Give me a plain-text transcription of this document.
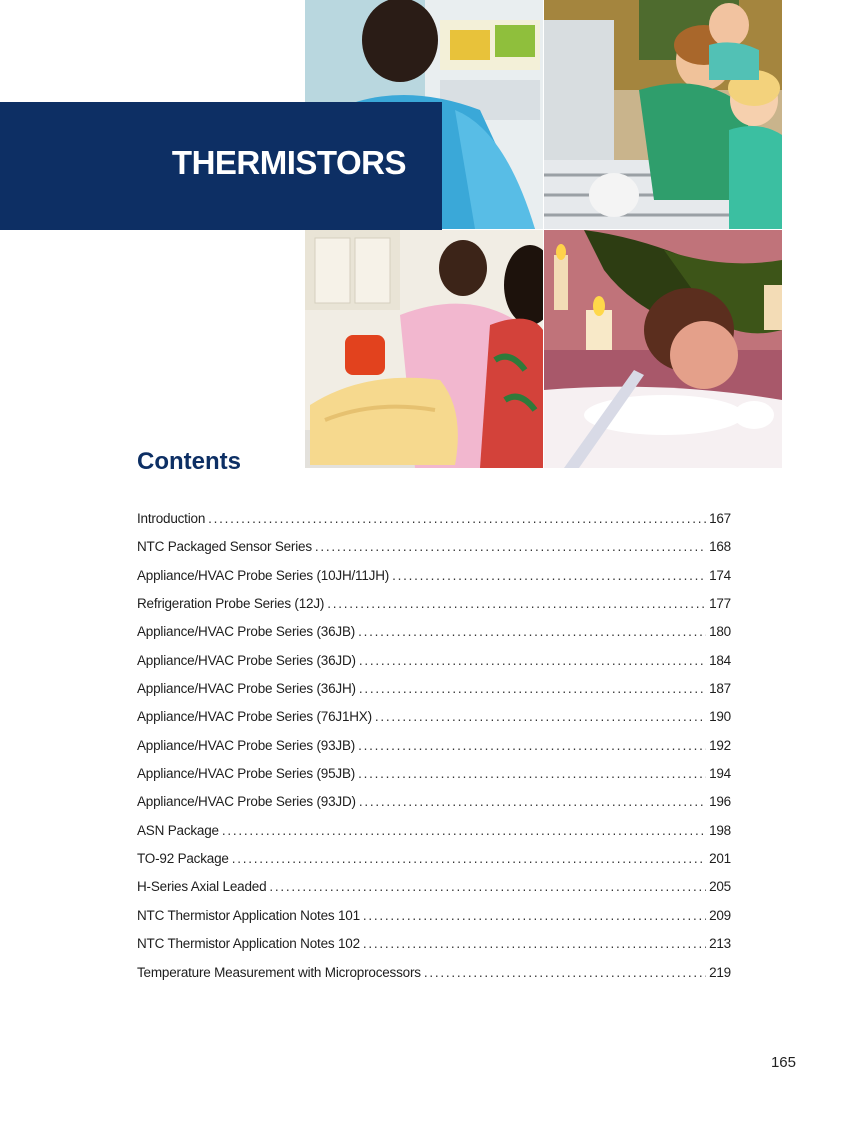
THERMISTORS
Contents
Introduction . . .	167
NTC Packaged Sensor Series . . .	168
Appliance/HVAC Probe Series (10JH/11JH) . . .	174
Refrigeration Probe Series (12J) . . .	177
Appliance/HVAC Probe Series (36JB) . . .	180
Appliance/HVAC Probe Series (36JD) . . .	184
Appliance/HVAC Probe Series (36JH) . . .	187
Appliance/HVAC Probe Series (76J1HX) . . .	190
Appliance/HVAC Probe Series (93JB) . . .	192
Appliance/HVAC Probe Series (95JB) . . .	194
Appliance/HVAC Probe Series (93JD) . . .	196
ASN Package . . .	198
TO-92 Package . . .	201
H-Series Axial Leaded . . .	205
NTC Thermistor Application Notes 101 . . .	209
NTC Thermistor Application Notes 102 . . .	213
Temperature Measurement with Microprocessors . . .	219
165
